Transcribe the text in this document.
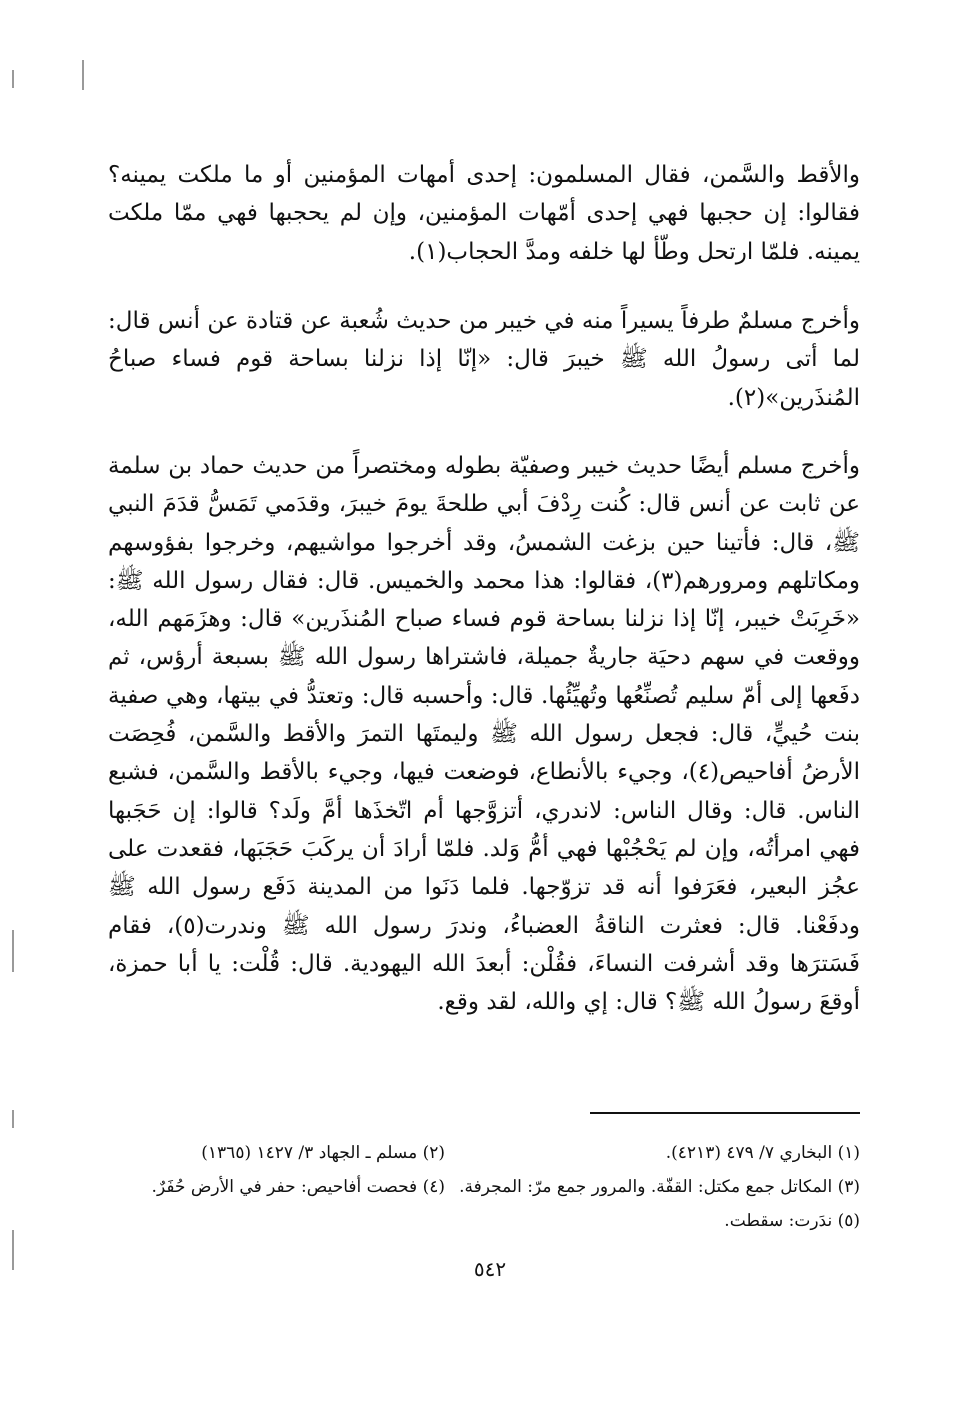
والأقط والسَّمن، فقال المسلمون: إحدى أمهات المؤمنين أو ما ملكت يمينه؟ فقالوا: إن حجبها فهي إحدى أمّهات المؤمنين، وإن لم يحجبها فهي ممّا ملكت يمينه. فلمّا ارتحل وطّأ لها خلفه ومدَّ الحجاب(١).
وأخرج مسلمٌ طرفاً يسيراً منه في خيبر من حديث شُعبة عن قتادة عن أنس قال: لما أتى رسولُ الله ﷺ خيبرَ قال: «إنّا إذا نزلنا بساحة قوم فساء صباحُ المُنذَرين»(٢).
وأخرج مسلم أيضًا حديث خيبر وصفيّة بطوله ومختصراً من حديث حماد بن سلمة عن ثابت عن أنس قال: كُنت رِدْفَ أبي طلحةَ يومَ خيبرَ، وقدَمي تَمَسُّ قدَمَ النبي ﷺ، قال: فأتينا حين بزغت الشمسُ، وقد أخرجوا مواشيهم، وخرجوا بفؤوسهم ومكاتلهم ومرورهم(٣)، فقالوا: هذا محمد والخميس. قال: فقال رسول الله ﷺ: «خَرِبَتْ خيبر، إنّا إذا نزلنا بساحة قوم فساء صباح المُنذَرين» قال: وهزَمَهم الله، ووقعت في سهم دحيَة جاريةٌ جميلة، فاشتراها رسول الله ﷺ بسبعة أرؤس، ثم دفَعها إلى أمّ سليم تُصنِّعُها وتُهيِّئُها. قال: وأحسبه قال: وتعتدُّ في بيتها، وهي صفية بنت حُييٍّ، قال: فجعل رسول الله ﷺ وليمتَها التمرَ والأقط والسَّمن، فُحِصَت الأرضُ أفاحيص(٤)، وجيء بالأنطاع، فوضعت فيها، وجيء بالأقط والسَّمن، فشبع الناس. قال: وقال الناس: لاندري، أتزوَّجها أم اتّخذَها أمَّ ولَد؟ قالوا: إن حَجَبها فهي امرأتُه، وإن لم يَحْجُبْها فهي أمُّ وَلد. فلمّا أرادَ أن يركَبَ حَجَبَها، فقعدت على عجُز البعير، فعَرَفوا أنه قد تزوّجها. فلما دَنَوا من المدينة دَفَع رسول الله ﷺ ودفَعْنا. قال: فعثرت الناقةُ العضباءُ، وندرَ رسول الله ﷺ وندرت(٥)، فقام فَسَترَها وقد أشرفت النساءَ، فقُلْن: أبعدَ الله اليهودية. قال: قُلْت: يا أبا حمزة، أوقعَ رسولُ الله ﷺ؟ قال: إي والله، لقد وقع.
(١) البخاري ٧/ ٤٧٩ (٤٢١٣).
(٢) مسلم ـ الجهاد ٣/ ١٤٢٧ (١٣٦٥)
(٣) المكاتل جمع مكتل: القفّة. والمرور جمع مرّ: المجرفة.
(٤) فحصت أفاحيص: حفر في الأرض حُفَرٌ.
(٥) ندَرت: سقطت.
٥٤٢
